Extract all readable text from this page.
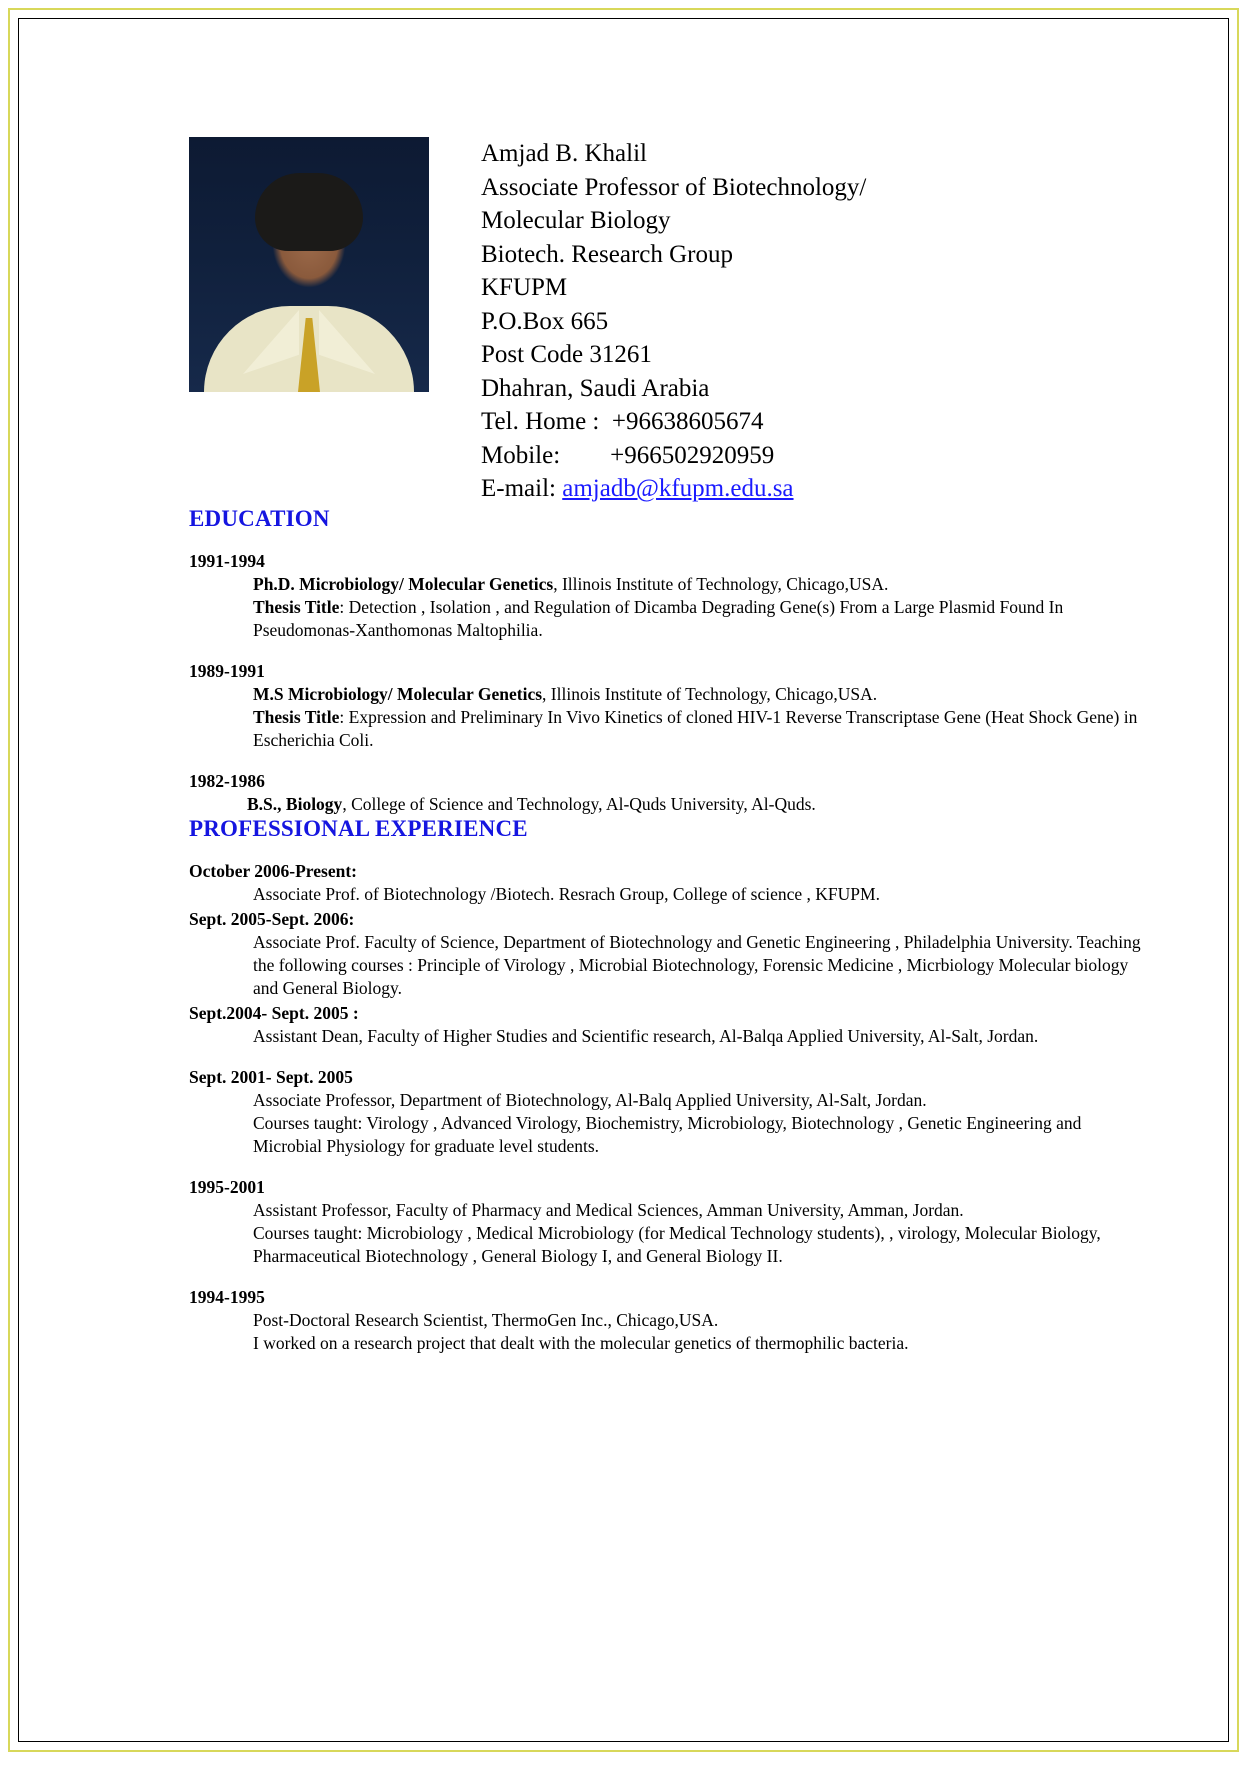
Amjad B. Khalil
Associate Professor of Biotechnology/
Molecular Biology
Biotech. Research Group
KFUPM
P.O.Box 665
Post Code 31261
Dhahran, Saudi Arabia
Tel. Home :  +96638605674
Mobile:        +966502920959
E-mail: amjadb@kfupm.edu.sa
EDUCATION
1991-1994

Ph.D. Microbiology/ Molecular Genetics, Illinois Institute of Technology, Chicago,USA.

Thesis Title: Detection , Isolation , and Regulation of Dicamba Degrading Gene(s) From a Large Plasmid Found In Pseudomonas-Xanthomonas Maltophilia.

1989-1991

M.S Microbiology/ Molecular Genetics, Illinois Institute of Technology, Chicago,USA.

Thesis Title: Expression and Preliminary In Vivo Kinetics of cloned HIV-1 Reverse Transcriptase Gene (Heat Shock Gene) in Escherichia Coli.

1982-1986

B.S., Biology, College of Science and Technology, Al-Quds University, Al-Quds.

PROFESSIONAL EXPERIENCE
October 2006-Present:

Associate Prof. of Biotechnology /Biotech. Resrach Group, College of science , KFUPM.

Sept. 2005-Sept. 2006:

Associate Prof. Faculty of Science, Department of Biotechnology and Genetic Engineering , Philadelphia University. Teaching the following courses : Principle of Virology , Microbial Biotechnology, Forensic Medicine , Micrbiology Molecular biology and General Biology.

Sept.2004- Sept. 2005 :

Assistant Dean, Faculty of Higher Studies and Scientific research, Al-Balqa Applied University, Al-Salt, Jordan.

Sept. 2001- Sept. 2005

Associate Professor, Department of Biotechnology, Al-Balq Applied University, Al-Salt, Jordan.

Courses taught: Virology , Advanced Virology, Biochemistry, Microbiology, Biotechnology , Genetic Engineering and Microbial Physiology for graduate level students.

1995-2001

Assistant Professor, Faculty of Pharmacy and Medical Sciences, Amman University, Amman, Jordan.

Courses taught: Microbiology , Medical Microbiology (for Medical Technology students), , virology, Molecular Biology, Pharmaceutical Biotechnology , General Biology I, and General Biology II.

1994-1995

Post-Doctoral Research Scientist, ThermoGen Inc., Chicago,USA.

I worked on a research project that dealt with the molecular genetics of thermophilic bacteria.
